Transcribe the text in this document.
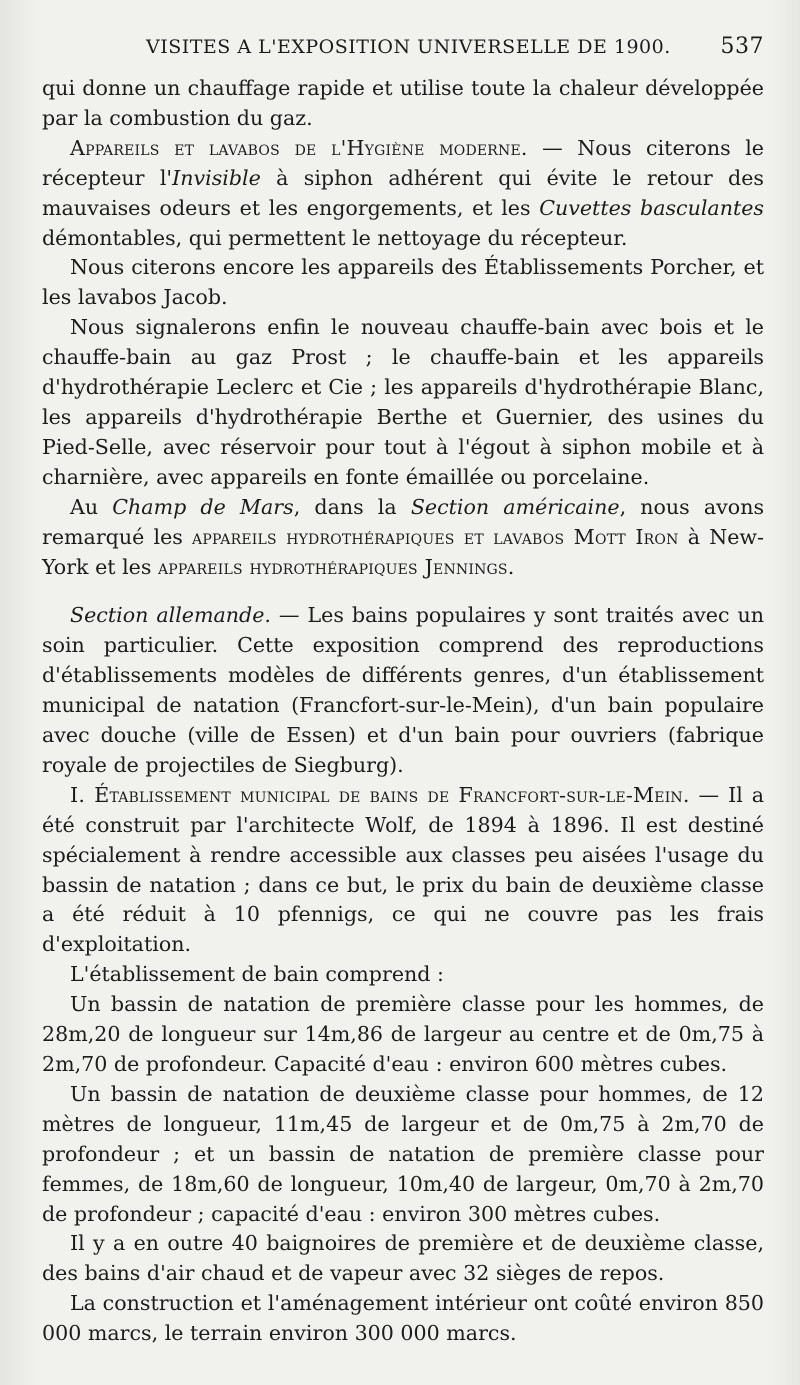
VISITES A L'EXPOSITION UNIVERSELLE DE 1900. 537

qui donne un chauffage rapide et utilise toute la chaleur développée par la combustion du gaz.

Appareils et lavabos de l'Hygiène moderne. — Nous citerons le récepteur l'Invisible à siphon adhérent qui évite le retour des mauvaises odeurs et les engorgements, et les Cuvettes basculantes démontables, qui permettent le nettoyage du récepteur.

Nous citerons encore les appareils des Établissements Porcher, et les lavabos Jacob.

Nous signalerons enfin le nouveau chauffe-bain avec bois et le chauffe-bain au gaz Prost ; le chauffe-bain et les appareils d'hydrothérapie Leclerc et Cie ; les appareils d'hydrothérapie Blanc, les appareils d'hydrothérapie Berthe et Guernier, des usines du Pied-Selle, avec réservoir pour tout à l'égout à siphon mobile et à charnière, avec appareils en fonte émaillée ou porcelaine.

Au Champ de Mars, dans la Section américaine, nous avons remarqué les appareils hydrothérapiques et lavabos Mott Iron à New-York et les appareils hydrothérapiques Jennings.

Section allemande. — Les bains populaires y sont traités avec un soin particulier. Cette exposition comprend des reproductions d'établissements modèles de différents genres, d'un établissement municipal de natation (Francfort-sur-le-Mein), d'un bain populaire avec douche (ville de Essen) et d'un bain pour ouvriers (fabrique royale de projectiles de Siegburg).

I. Établissement municipal de bains de Francfort-sur-le-Mein. — Il a été construit par l'architecte Wolf, de 1894 à 1896. Il est destiné spécialement à rendre accessible aux classes peu aisées l'usage du bassin de natation ; dans ce but, le prix du bain de deuxième classe a été réduit à 10 pfennigs, ce qui ne couvre pas les frais d'exploitation.

L'établissement de bain comprend :

Un bassin de natation de première classe pour les hommes, de 28m,20 de longueur sur 14m,86 de largeur au centre et de 0m,75 à 2m,70 de profondeur. Capacité d'eau : environ 600 mètres cubes.

Un bassin de natation de deuxième classe pour hommes, de 12 mètres de longueur, 11m,45 de largeur et de 0m,75 à 2m,70 de profondeur ; et un bassin de natation de première classe pour femmes, de 18m,60 de longueur, 10m,40 de largeur, 0m,70 à 2m,70 de profondeur ; capacité d'eau : environ 300 mètres cubes.

Il y a en outre 40 baignoires de première et de deuxième classe, des bains d'air chaud et de vapeur avec 32 sièges de repos.

La construction et l'aménagement intérieur ont coûté environ 850 000 marcs, le terrain environ 300 000 marcs.
